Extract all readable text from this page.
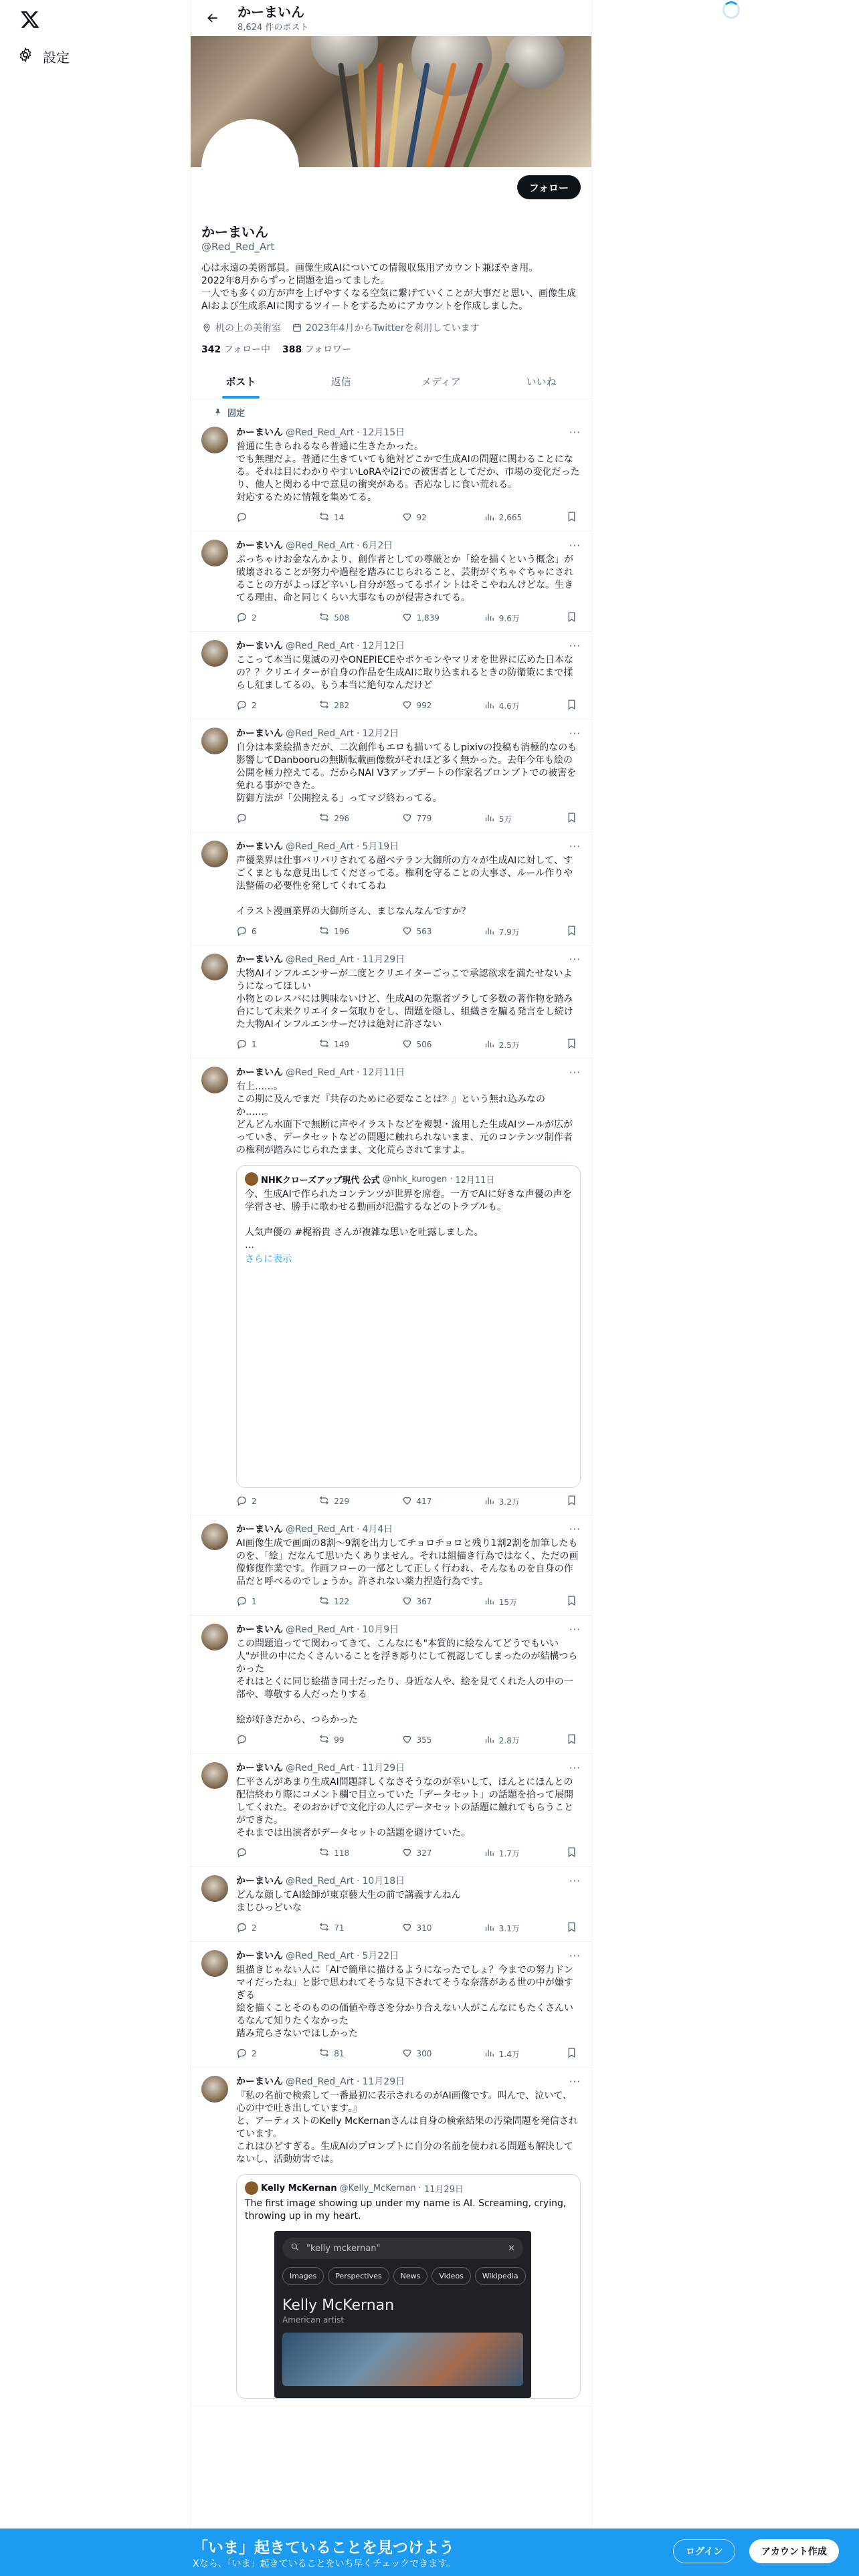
設定
かーまいん
8,624 件のポスト
フォロー
かーまいん
@Red_Red_Art
心は永遠の美術部員。画像生成AIについての情報収集用アカウント兼ぼやき用。
2022年8月からずっと問題を追ってました。
一人でも多くの方が声を上げやすくなる空気に繋げていくことが大事だと思い、画像生成AIおよび生成系AIに関するツイートをするためにアカウントを作成しました。
机の上の美術室	2023年4月からTwitterを利用しています
342 フォロー中 388 フォロワー
ポスト	返信	メディア	いいね
固定
···
かーまいん @Red_Red_Art · 12月15日
普通に生きられるなら普通に生きたかった。
でも無理だよ。普通に生きていても絶対どこかで生成AIの問題に関わることになる。それは目にわかりやすいLoRAやi2iでの被害者としてだか、市場の変化だったり、他人と関わる中で意見の衝突がある。否応なしに食い荒れる。
対応するために情報を集めてる。
14	92	2,665
···
かーまいん @Red_Red_Art · 6月2日
ぶっちゃけお金なんかより、創作者としての尊厳とか「絵を描くという概念」が破壊されることが努力や過程を踏みにじられること、芸術がぐちゃぐちゃにされることの方がよっぽど辛いし自分が怒ってるポイントはそこやねんけどな。生きてる理由、命と同じくらい大事なものが侵害されてる。
2	508	1,839	9.6万
···
かーまいん @Red_Red_Art · 12月12日
ここって本当に鬼滅の刃やONEPIECEやポケモンやマリオを世界に広めた日本なの？？クリエイターが自身の作品を生成AIに取り込まれるときの防衛策にまで揉らし紅ましてるの、もう本当に絶句なんだけど
2	282	992	4.6万
···
かーまいん @Red_Red_Art · 12月2日
自分は本業絵描きだが、二次創作もエロも描いてるしpixivの投稿も消極的なのも影響してDanbooruの無断転載画像数がそれほど多く無かった。去年今年も絵の公開を極力控えてる。だからNAI V3アップデートの作家名プロンプトでの被害を免れる事ができた。
防御方法が「公開控える」ってマジ終わってる。
296	779	5万
···
かーまいん @Red_Red_Art · 5月19日
声優業界は仕事バリバリされてる超ベテラン大御所の方々が生成AIに対して、すごくまともな意見出してくださってる。権利を守ることの大事さ、ルール作りや法整備の必要性を発してくれてるね

イラスト漫画業界の大御所さん、まじなんなんですか？
6	196	563	7.9万
···
かーまいん @Red_Red_Art · 11月29日
大物AIインフルエンサーが二度とクリエイターごっこで承認欲求を満たせないようになってほしい
小物とのレスバには興味ないけど、生成AIの先駆者ヅラして多数の著作物を踏み台にして未来クリエイター気取りをし、問題を隠し、組織さを騙る発言をし続けた大物AIインフルエンサーだけは絶対に許さない
1	149	506	2.5万
···
かーまいん @Red_Red_Art · 12月11日
右上……。
この期に及んでまだ『共存のために必要なことは？』という無れ込みなのか……。
どんどん水面下で無断に声やイラストなどを複製・流用した生成AIツールが広がっていき、データセットなどの問題に触れられないまま、元のコンテンツ制作者の権利が踏みにじられたまま、文化荒らされてますよ。
NHKクローズアップ現代 公式 @nhk_kurogen · 12月11日
今、生成AIで作られたコンテンツが世界を席巻。一方でAIに好きな声優の声を学習させ、勝手に歌わせる動画が氾濫するなどのトラブルも。

人気声優の #梶裕貴 さんが複雑な思いを吐露しました。
…
さらに表示
2	229	417	3.2万
···
かーまいん @Red_Red_Art · 4月4日
AI画像生成で画面の8割〜9割を出力してチョロチョロと残り1割2割を加筆したものを、「絵」だなんて思いたくありません。それは組描き行為ではなく、ただの画像修復作業です。作画フローの一部として正しく行われ、そんなものを自身の作品だと呼べるのでしょうか。許されない薬力捏造行為です。
1	122	367	15万
···
かーまいん @Red_Red_Art · 10月9日
この問題追ってて関わってきて、こんなにも"本質的に絵なんてどうでもいい人"が世の中にたくさんいることを浮き彫りにして視認してしまったのが結構つらかった
それはとくに同じ絵描き同士だったり、身近な人や、絵を見てくれた人の中の一部や、尊敬する人だったりする

絵が好きだから、つらかった
99	355	2.8万
···
かーまいん @Red_Red_Art · 11月29日
仁平さんがあまり生成AI問題詳しくなさそうなのが幸いして、ほんとにほんとの配信終わり際にコメント欄で目立っていた「データセット」の話題を拾って展開してくれた。そのおかげで文化庁の人にデータセットの話題に触れてもらうことができた。
それまでは出演者がデータセットの話題を避けていた。
118	327	1.7万
···
かーまいん @Red_Red_Art · 10月18日
どんな顔してAI絵師が東京藝大生の前で講義すんねん
まじひっどいな
2	71	310	3.1万
···
かーまいん @Red_Red_Art · 5月22日
組描きじゃない人に「AIで簡単に描けるようになったでしょ？今までの努力ドンマイだったね」と影で思われてそうな見下されてそうな奈落がある世の中が嫌すぎる
絵を描くことそのものの価値や尊さを分かり合えない人がこんなにもたくさんいるなんて知りたくなかった
踏み荒らさないでほしかった
2	81	300	1.4万
···
かーまいん @Red_Red_Art · 11月29日
『私の名前で検索して一番最初に表示されるのがAI画像です。叫んで、泣いて、心の中で吐き出しています。』
と、アーティストのKelly McKernanさんは自身の検索結果の汚染問題を発信されています。
これはひどすぎる。生成AIのプロンプトに自分の名前を使われる問題も解決してないし、活動妨害では。
Kelly McKernan @Kelly_McKernan · 11月29日
The first image showing up under my name is AI. Screaming, crying, throwing up in my heart.
"kelly mckernan"	✕
Images	Perspectives	News	Videos	Wikipedia
Kelly McKernan
American artist
「いま」起きていることを見つけよう
Xなら、「いま」起きていることをいち早くチェックできます。
ログイン	アカウント作成
